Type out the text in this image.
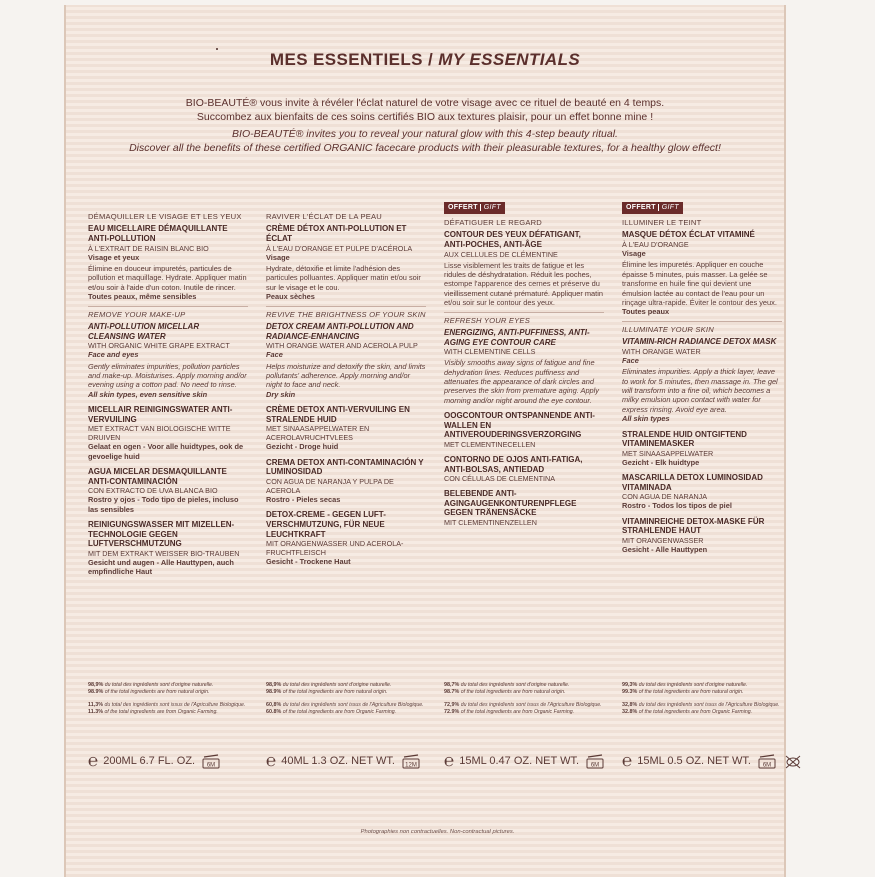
MES ESSENTIELS / MY ESSENTIALS

BIO-BEAUTÉ® vous invite à révéler l'éclat naturel de votre visage avec ce rituel de beauté en 4 temps.

Succombez aux bienfaits de ces soins certifiés BIO aux textures plaisir, pour un effet bonne mine !

BIO-BEAUTÉ® invites you to reveal your natural glow with this 4-step beauty ritual.

Discover all the benefits of these certified ORGANIC facecare products with their pleasurable textures, for a healthy glow effect!

DÉMAQUILLER LE VISAGE ET LES YEUX
EAU MICELLAIRE DÉMAQUILLANTE ANTI-POLLUTION
À L'EXTRAIT DE RAISIN BLANC BIO
Visage et yeux
Élimine en douceur impuretés, particules de pollution et maquillage. Hydrate. Appliquer matin et/ou soir à l'aide d'un coton. Inutile de rincer.
Toutes peaux, même sensibles
REMOVE YOUR MAKE-UP
ANTI-POLLUTION MICELLAR CLEANSING WATER
WITH ORGANIC WHITE GRAPE EXTRACT
Face and eyes
Gently eliminates impurities, pollution particles and make-up. Moisturises. Apply morning and/or evening using a cotton pad. No need to rinse.
All skin types, even sensitive skin
MICELLAIR REINIGINGSWATER ANTI-VERVUILING
MET EXTRACT VAN BIOLOGISCHE WITTE DRUIVEN
Gelaat en ogen - Voor alle huidtypes, ook de gevoelige huid
AGUA MICELAR DESMAQUILLANTE ANTI-CONTAMINACIÓN
CON EXTRACTO DE UVA BLANCA BIO
Rostro y ojos - Todo tipo de pieles, incluso las sensibles
REINIGUNGSWASSER MIT MIZELLEN-TECHNOLOGIE GEGEN LUFTVERSCHMUTZUNG
MIT DEM EXTRAKT WEISSER BIO-TRAUBEN
Gesicht und augen - Alle Hauttypen, auch empfindliche Haut
98,9% du total des ingrédients sont d'origine naturelle.
98.9% of the total ingredients are from natural origin.
11,3% du total des ingrédients sont issus de l'Agriculture Biologique.
11.3% of the total ingredients are from Organic Farming.
℮ 200ML 6.7 FL. OZ. 6M
RAVIVER L'ÉCLAT DE LA PEAU
CRÈME DÉTOX ANTI-POLLUTION ET ÉCLAT
À L'EAU D'ORANGE ET PULPE D'ACÉROLA
Visage
Hydrate, détoxifie et limite l'adhésion des particules polluantes. Appliquer matin et/ou soir sur le visage et le cou.
Peaux sèches
REVIVE THE BRIGHTNESS OF YOUR SKIN
DETOX CREAM ANTI-POLLUTION AND RADIANCE-ENHANCING
WITH ORANGE WATER AND ACEROLA PULP
Face
Helps moisturize and detoxify the skin, and limits pollutants' adherence. Apply morning and/or night to face and neck.
Dry skin
CRÈME DETOX ANTI-VERVUILING EN STRALENDE HUID
MET SINAASAPPELWATER EN ACEROLAVRUCHTVLEES
Gezicht - Droge huid
CREMA DETOX ANTI-CONTAMINACIÓN Y LUMINOSIDAD
CON AGUA DE NARANJA Y PULPA DE ACEROLA
Rostro - Pieles secas
DETOX-CREME - GEGEN LUFT-VERSCHMUTZUNG, FÜR NEUE LEUCHTKRAFT
MIT ORANGENWASSER UND ACEROLA-FRUCHTFLEISCH
Gesicht - Trockene Haut
98,9% du total des ingrédients sont d'origine naturelle.
98.9% of the total ingredients are from natural origin.
60,8% du total des ingrédients sont issus de l'Agriculture Biologique.
60.8% of the total ingredients are from Organic Farming.
℮ 40ML 1.3 OZ. NET WT. 12M
OFFERT GIFT
DÉFATIGUER LE REGARD
CONTOUR DES YEUX DÉFATIGANT, ANTI-POCHES, ANTI-ÂGE
AUX CELLULES DE CLÉMENTINE
Lisse visiblement les traits de fatigue et les ridules de déshydratation. Réduit les poches, estompe l'apparence des cernes et préserve du vieillissement cutané prématuré. Appliquer matin et/ou soir sur le contour des yeux.
REFRESH YOUR EYES
ENERGIZING, ANTI-PUFFINESS, ANTI-AGING EYE CONTOUR CARE
WITH CLEMENTINE CELLS
Visibly smooths away signs of fatigue and fine dehydration lines. Reduces puffiness and attenuates the appearance of dark circles and preserves the skin from premature aging. Apply morning and/or night around the eye contour.
OOGCONTOUR ONTSPANNENDE ANTI-WALLEN EN ANTIVEROUDERINGSVERZORGING
MET CLEMENTINECELLEN
CONTORNO DE OJOS ANTI-FATIGA, ANTI-BOLSAS, ANTIEDAD
CON CÉLULAS DE CLEMENTINA
BELEBENDE ANTI-AGINGAUGENKONTURENPFLEGE GEGEN TRÄNENSÄCKE
MIT CLEMENTINENZELLEN
98,7% du total des ingrédients sont d'origine naturelle.
98.7% of the total ingredients are from natural origin.
72,9% du total des ingrédients sont issus de l'Agriculture Biologique.
72.9% of the total ingredients are from Organic Farming.
℮ 15ML 0.47 OZ. NET WT. 6M
OFFERT GIFT
ILLUMINER LE TEINT
MASQUE DÉTOX ÉCLAT VITAMINÉ
À L'EAU D'ORANGE
Visage
Élimine les impuretés. Appliquer en couche épaisse 5 minutes, puis masser. La gelée se transforme en huile fine qui devient une émulsion lactée au contact de l'eau pour un rinçage ultra-rapide. Éviter le contour des yeux.
Toutes peaux
ILLUMINATE YOUR SKIN
VITAMIN-RICH RADIANCE DETOX MASK
WITH ORANGE WATER
Face
Eliminates impurities. Apply a thick layer, leave to work for 5 minutes, then massage in. The gel will transform into a fine oil, which becomes a milky emulsion upon contact with water for express rinsing. Avoid eye area.
All skin types
STRALENDE HUID ONTGIFTEND VITAMINEMASKER
MET SINAASAPPELWATER
Gezicht - Elk huidtype
MASCARILLA DETOX LUMINOSIDAD VITAMINADA
CON AGUA DE NARANJA
Rostro - Todos los tipos de piel
VITAMINREICHE DETOX-MASKE FÜR STRAHLENDE HAUT
MIT ORANGENWASSER
Gesicht - Alle Hauttypen
99,3% du total des ingrédients sont d'origine naturelle.
99.3% of the total ingredients are from natural origin.
32,8% du total des ingrédients sont issus de l'Agriculture Biologique.
32.8% of the total ingredients are from Organic Farming.
℮ 15ML 0.5 OZ. NET WT. 6M
Photographies non contractuelles. Non-contractual pictures.
